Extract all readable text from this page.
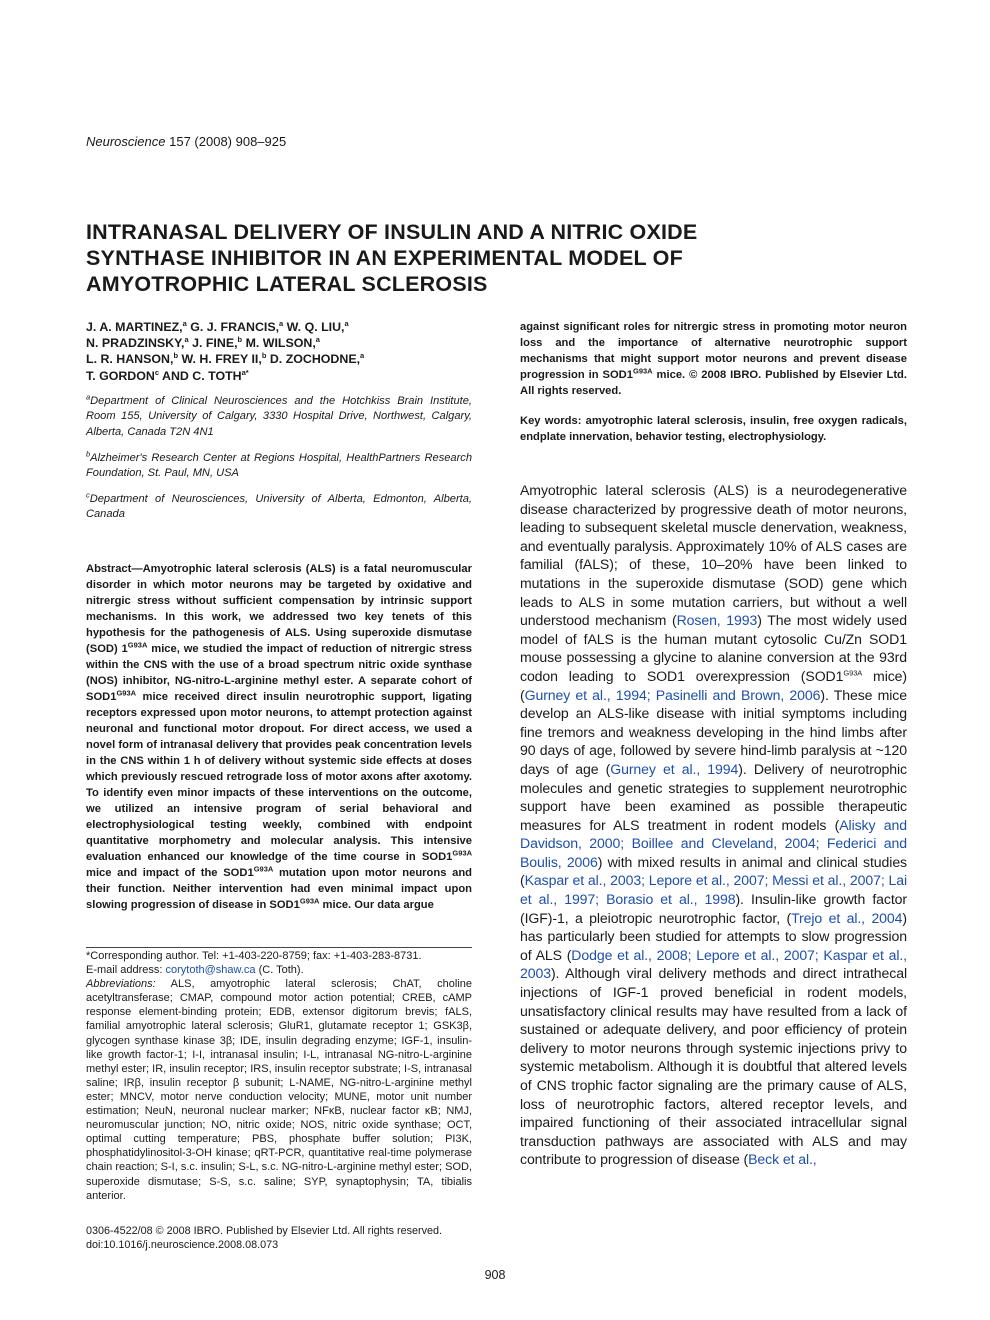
Neuroscience 157 (2008) 908–925
INTRANASAL DELIVERY OF INSULIN AND A NITRIC OXIDE
SYNTHASE INHIBITOR IN AN EXPERIMENTAL MODEL OF
AMYOTROPHIC LATERAL SCLEROSIS
J. A. MARTINEZ,$^a$ G. J. FRANCIS,$^a$ W. Q. LIU,$^a$
N. PRADZINSKY,$^a$ J. FINE,$^b$ M. WILSON,$^a$
L. R. HANSON,$^b$ W. H. FREY II,$^b$ D. ZOCHODNE,$^a$
T. GORDON$^c$ AND C. $TOTH^{a*}$
$^a$Department of Clinical Neurosciences and the Hotchkiss Brain Institute, Room 155, University of Calgary, 3330 Hospital Drive, Northwest, Calgary, Alberta, Canada T2N 4N1
$^b$Alzheimer's Research Center at Regions Hospital, HealthPartners Research Foundation, St. Paul, MN, USA
$^c$Department of Neurosciences, University of Alberta, Edmonton, Alberta, Canada
Abstract—Amyotrophic lateral sclerosis (ALS) is a fatal neuromuscular disorder in which motor neurons may be targeted by oxidative and nitrergic stress without sufficient compensation by intrinsic support mechanisms. In this work, we addressed two key tenets of this hypothesis for the pathogenesis of ALS. Using superoxide dismutase (SOD) $1^{G93A}$ mice, we studied the impact of reduction of nitrergic stress within the CNS with the use of a broad spectrum nitric oxide synthase (NOS) inhibitor, NG-nitro-L-arginine methyl ester. A separate cohort of $SOD1^{G93A}$ mice received direct insulin neurotrophic support, ligating receptors expressed upon motor neurons, to attempt protection against neuronal and functional motor dropout. For direct access, we used a novel form of intranasal delivery that provides peak concentration levels in the CNS within 1 h of delivery without systemic side effects at doses which previously rescued retrograde loss of motor axons after axotomy. To identify even minor impacts of these interventions on the outcome, we utilized an intensive program of serial behavioral and electrophysiological testing weekly, combined with endpoint quantitative morphometry and molecular analysis. This intensive evaluation enhanced our knowledge of the time course in $SOD1^{G93A}$ mice and impact of the $SOD1^{G93A}$ mutation upon motor neurons and their function. Neither intervention had even minimal impact upon slowing progression of disease in $SOD1^{G93A}$ mice. Our data argue

*Corresponding author. Tel: +1-403-220-8759; fax: +1-403-283-8731.

E-mail address: corytoth@shaw.ca (C. Toth).

Abbreviations: ALS, amyotrophic lateral sclerosis; ChAT, choline acetyltransferase; CMAP, compound motor action potential; CREB, cAMP response element-binding protein; EDB, extensor digitorum brevis; fALS, familial amyotrophic lateral sclerosis; GluR1, glutamate receptor 1; GSK3β, glycogen synthase kinase 3β; IDE, insulin degrading enzyme; IGF-1, insulin-like growth factor-1; I-I, intranasal insulin; I-L, intranasal NG-nitro-L-arginine methyl ester; IR, insulin receptor; IRS, insulin receptor substrate; I-S, intranasal saline; IRβ, insulin receptor β subunit; L-NAME, NG-nitro-L-arginine methyl ester; MNCV, motor nerve conduction velocity; MUNE, motor unit number estimation; NeuN, neuronal nuclear marker; NFκB, nuclear factor κB; NMJ, neuromuscular junction; NO, nitric oxide; NOS, nitric oxide synthase; OCT, optimal cutting temperature; PBS, phosphate buffer solution; PI3K, phosphatidylinositol-3-OH kinase; qRT-PCR, quantitative real-time polymerase chain reaction; S-I, s.c. insulin; S-L, s.c. NG-nitro-L-arginine methyl ester; SOD, superoxide dismutase; S-S, s.c. saline; SYP, synaptophysin; TA, tibialis anterior.

0306-4522/08 © 2008 IBRO. Published by Elsevier Ltd. All rights reserved.
doi:10.1016/j.neuroscience.2008.08.073
against significant roles for nitrergic stress in promoting motor neuron loss and the importance of alternative neurotrophic support mechanisms that might support motor neurons and prevent disease progression in $SOD1^{G93A}$ mice. © 2008 IBRO. Published by Elsevier Ltd. All rights reserved.
Key words: amyotrophic lateral sclerosis, insulin, free oxygen radicals, endplate innervation, behavior testing, electrophysiology.
Amyotrophic lateral sclerosis (ALS) is a neurodegenerative disease characterized by progressive death of motor neurons, leading to subsequent skeletal muscle denervation, weakness, and eventually paralysis. Approximately 10% of ALS cases are familial (fALS); of these, 10–20% have been linked to mutations in the superoxide dismutase (SOD) gene which leads to ALS in some mutation carriers, but without a well understood mechanism (Rosen, 1993) The most widely used model of fALS is the human mutant cytosolic Cu/Zn SOD1 mouse possessing a glycine to alanine conversion at the 93rd codon leading to SOD1 overexpression ($SOD1^{G93A}$ mice) (Gurney et al., 1994; Pasinelli and Brown, 2006). These mice develop an ALS-like disease with initial symptoms including fine tremors and weakness developing in the hind limbs after 90 days of age, followed by severe hind-limb paralysis at ~120 days of age (Gurney et al., 1994). Delivery of neurotrophic molecules and genetic strategies to supplement neurotrophic support have been examined as possible therapeutic measures for ALS treatment in rodent models (Alisky and Davidson, 2000; Boillee and Cleveland, 2004; Federici and Boulis, 2006) with mixed results in animal and clinical studies (Kaspar et al., 2003; Lepore et al., 2007; Messi et al., 2007; Lai et al., 1997; Borasio et al., 1998). Insulin-like growth factor (IGF)-1, a pleiotropic neurotrophic factor, (Trejo et al., 2004) has particularly been studied for attempts to slow progression of ALS (Dodge et al., 2008; Lepore et al., 2007; Kaspar et al., 2003). Although viral delivery methods and direct intrathecal injections of IGF-1 proved beneficial in rodent models, unsatisfactory clinical results may have resulted from a lack of sustained or adequate delivery, and poor efficiency of protein delivery to motor neurons through systemic injections privy to systemic metabolism. Although it is doubtful that altered levels of CNS trophic factor signaling are the primary cause of ALS, loss of neurotrophic factors, altered receptor levels, and impaired functioning of their associated intracellular signal transduction pathways are associated with ALS and may contribute to progression of disease (Beck et al.,
908
